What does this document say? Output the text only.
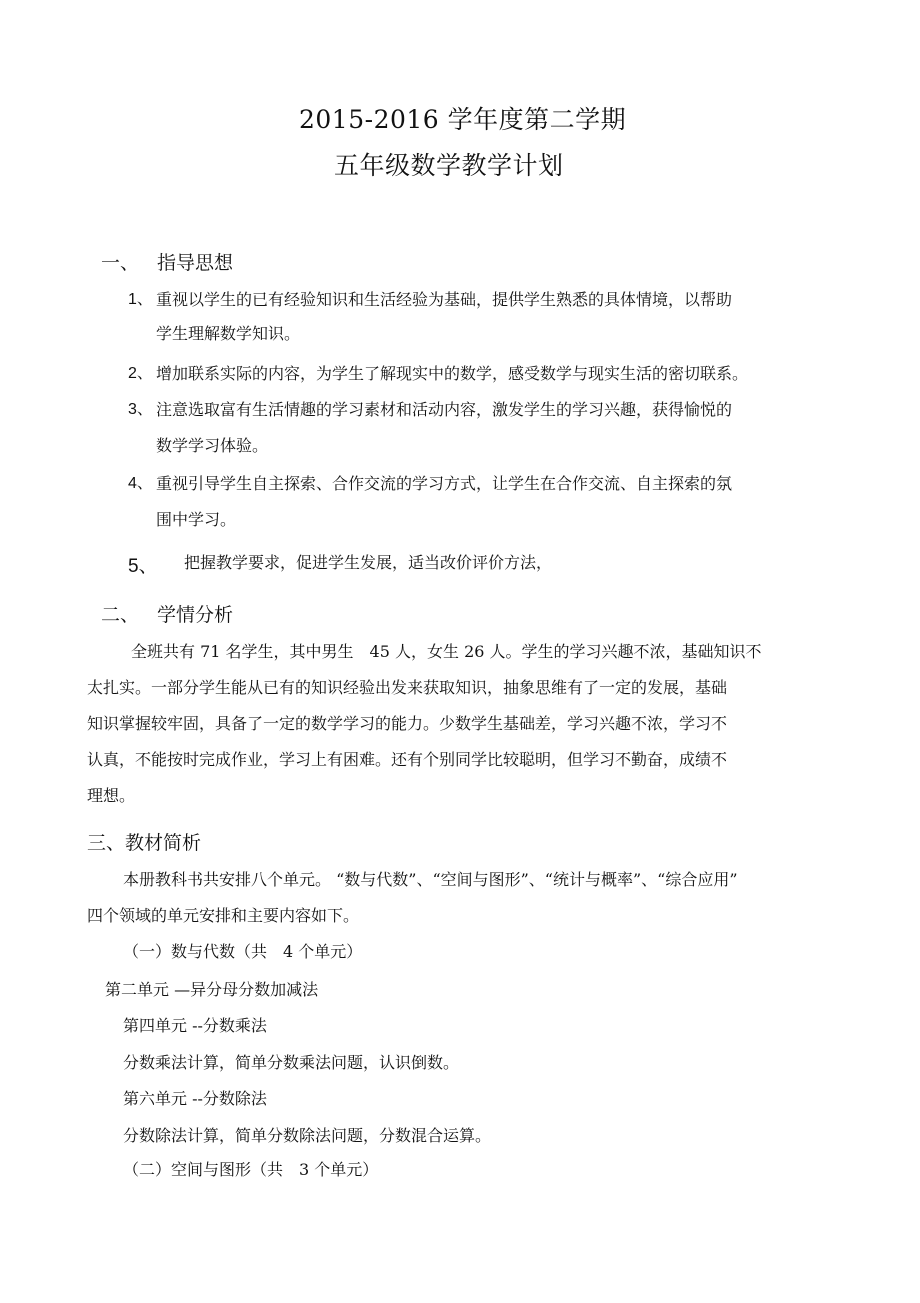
2015-2016 学年度第二学期
五年级数学教学计划
一、 指导思想
1、 重视以学生的已有经验知识和生活经验为基础，提供学生熟悉的具体情境，以帮助
学生理解数学知识。
2、 增加联系实际的内容，为学生了解现实中的数学，感受数学与现实生活的密切联系。
3、 注意选取富有生活情趣的学习素材和活动内容，激发学生的学习兴趣，获得愉悦的
数学学习体验。
4、 重视引导学生自主探索、合作交流的学习方式，让学生在合作交流、自主探索的氛
围中学习。
5、 把握教学要求，促进学生发展，适当改价评价方法，
二、 学情分析
全班共有 71 名学生，其中男生　45 人，女生 26 人。学生的学习兴趣不浓，基础知识不
太扎实。一部分学生能从已有的知识经验出发来获取知识，抽象思维有了一定的发展，基础
知识掌握较牢固，具备了一定的数学学习的能力。少数学生基础差，学习兴趣不浓，学习不
认真，不能按时完成作业，学习上有困难。还有个别同学比较聪明，但学习不勤奋，成绩不
理想。
三、教材简析
本册教科书共安排八个单元。 “数与代数”、“空间与图形”、“统计与概率”、“综合应用”
四个领域的单元安排和主要内容如下。
（一）数与代数（共　4 个单元）
第二单元 —异分母分数加减法
第四单元 --分数乘法
分数乘法计算，简单分数乘法问题，认识倒数。
第六单元 --分数除法
分数除法计算，简单分数除法问题，分数混合运算。
（二）空间与图形（共　3 个单元）
